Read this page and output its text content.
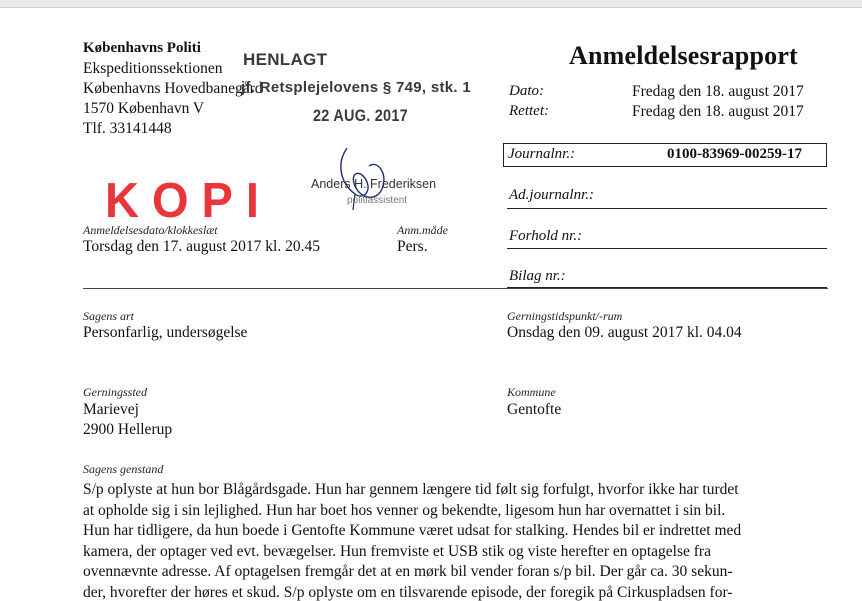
Københavns Politi
Ekspeditionssektionen
Københavns Hovedbanegård
1570 København V
Tlf. 33141448
Anmeldelsesrapport
HENLAGT
jf. Retsplejelovens § 749, stk. 1
22 AUG. 2017
Anders H. Frederiksen
politiassistent
KOPI
Dato:	Fredag den 18. august 2017
Rettet:	Fredag den 18. august 2017
Journalnr.:	0100-83969-00259-17
Ad.journalnr.:
Forhold nr.:
Bilag nr.:
Anmeldelsesdato/klokkeslæt
Torsdag den 17. august 2017 kl. 20.45
Anm.måde
Pers.
Sagens art
Personfarlig, undersøgelse
Gerningstidspunkt/-rum
Onsdag den 09. august 2017 kl. 04.04
Gerningssted
Marievej
2900 Hellerup
Kommune
Gentofte
Sagens genstand

S/p oplyste at hun bor Blågårdsgade. Hun har gennem længere tid følt sig forfulgt, hvorfor ikke har turdet

at opholde sig i sin lejlighed. Hun har boet hos venner og bekendte, ligesom hun har overnattet i sin bil.

Hun har tidligere, da hun boede i Gentofte Kommune været udsat for stalking. Hendes bil er indrettet med

kamera, der optager ved evt. bevægelser. Hun fremviste et USB stik og viste herefter en optagelse fra

ovennævnte adresse. Af optagelsen fremgår det at en mørk bil vender foran s/p bil. Der går ca. 30 sekun-

der, hvorefter der høres et skud. S/p oplyste om en tilsvarende episode, der foregik på Cirkuspladsen for-
